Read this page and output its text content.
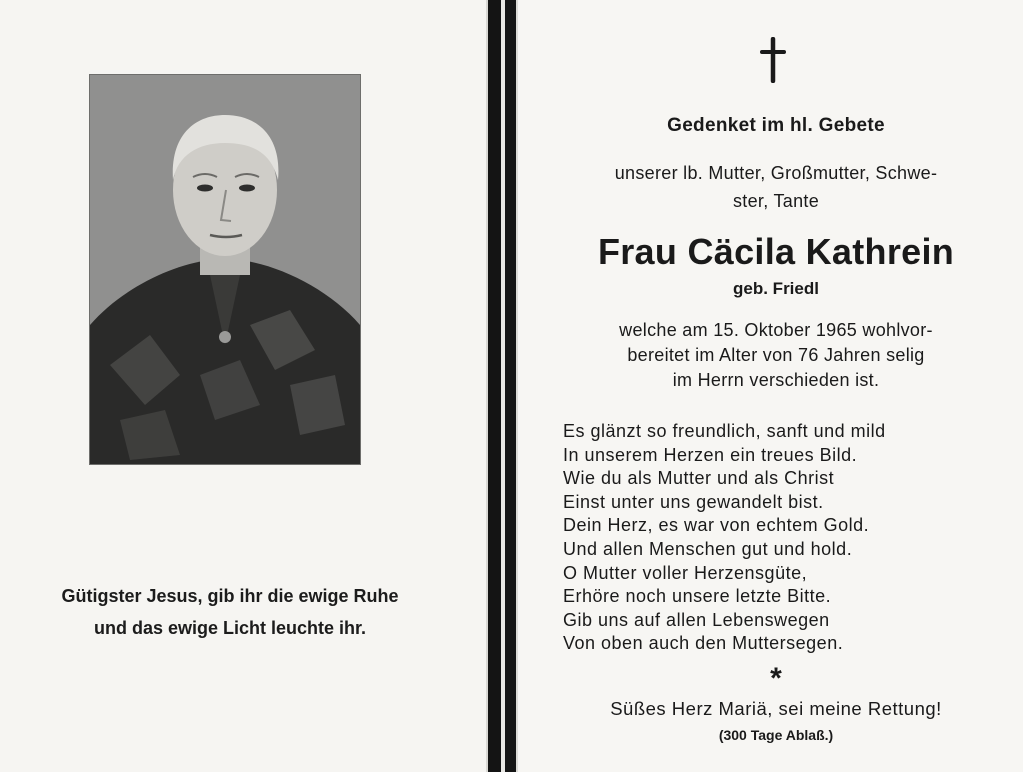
Gütigster Jesus, gib ihr die ewige Ruhe
und das ewige Licht leuchte ihr.
Gedenket im hl. Gebete
unserer lb. Mutter, Großmutter, Schwe-
ster, Tante
Frau Cäcila Kathrein
geb. Friedl
welche am 15. Oktober 1965 wohlvor-
bereitet im Alter von 76 Jahren selig
im Herrn verschieden ist.
Es glänzt so freundlich, sanft und mild
In unserem Herzen ein treues Bild.
Wie du als Mutter und als Christ
Einst unter uns gewandelt bist.
Dein Herz, es war von echtem Gold.
Und allen Menschen gut und hold.
O Mutter voller Herzensgüte,
Erhöre noch unsere letzte Bitte.
Gib uns auf allen Lebenswegen
Von oben auch den Muttersegen.
*
Süßes Herz Mariä, sei meine Rettung!
(300 Tage Ablaß.)
